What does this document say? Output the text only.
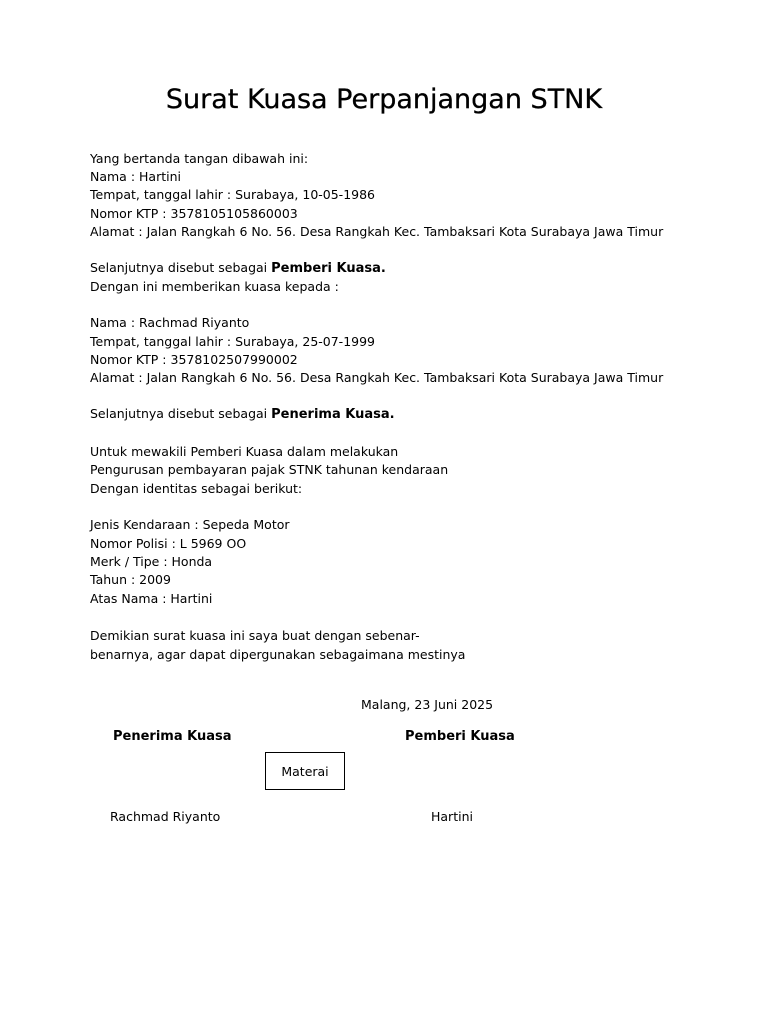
Surat Kuasa Perpanjangan STNK
Yang bertanda tangan dibawah ini:
Nama : Hartini
Tempat, tanggal lahir : Surabaya, 10-05-1986
Nomor KTP : 3578105105860003
Alamat : Jalan Rangkah 6 No. 56. Desa Rangkah Kec. Tambaksari Kota Surabaya Jawa Timur
Selanjutnya disebut sebagai Pemberi Kuasa.
Dengan ini memberikan kuasa kepada :
Nama : Rachmad Riyanto
Tempat, tanggal lahir : Surabaya, 25-07-1999
Nomor KTP : 3578102507990002
Alamat : Jalan Rangkah 6 No. 56. Desa Rangkah Kec. Tambaksari Kota Surabaya Jawa Timur
Selanjutnya disebut sebagai Penerima Kuasa.
Untuk mewakili Pemberi Kuasa dalam melakukan
Pengurusan pembayaran pajak STNK tahunan kendaraan
Dengan identitas sebagai berikut:
Jenis Kendaraan : Sepeda Motor
Nomor Polisi : L 5969 OO
Merk / Tipe : Honda
Tahun : 2009
Atas Nama : Hartini
Demikian surat kuasa ini saya buat dengan sebenar-
benarnya, agar dapat dipergunakan sebagaimana mestinya
Malang, 23 Juni 2025
Penerima Kuasa	Pemberi Kuasa
Materai
Rachmad Riyanto	Hartini
